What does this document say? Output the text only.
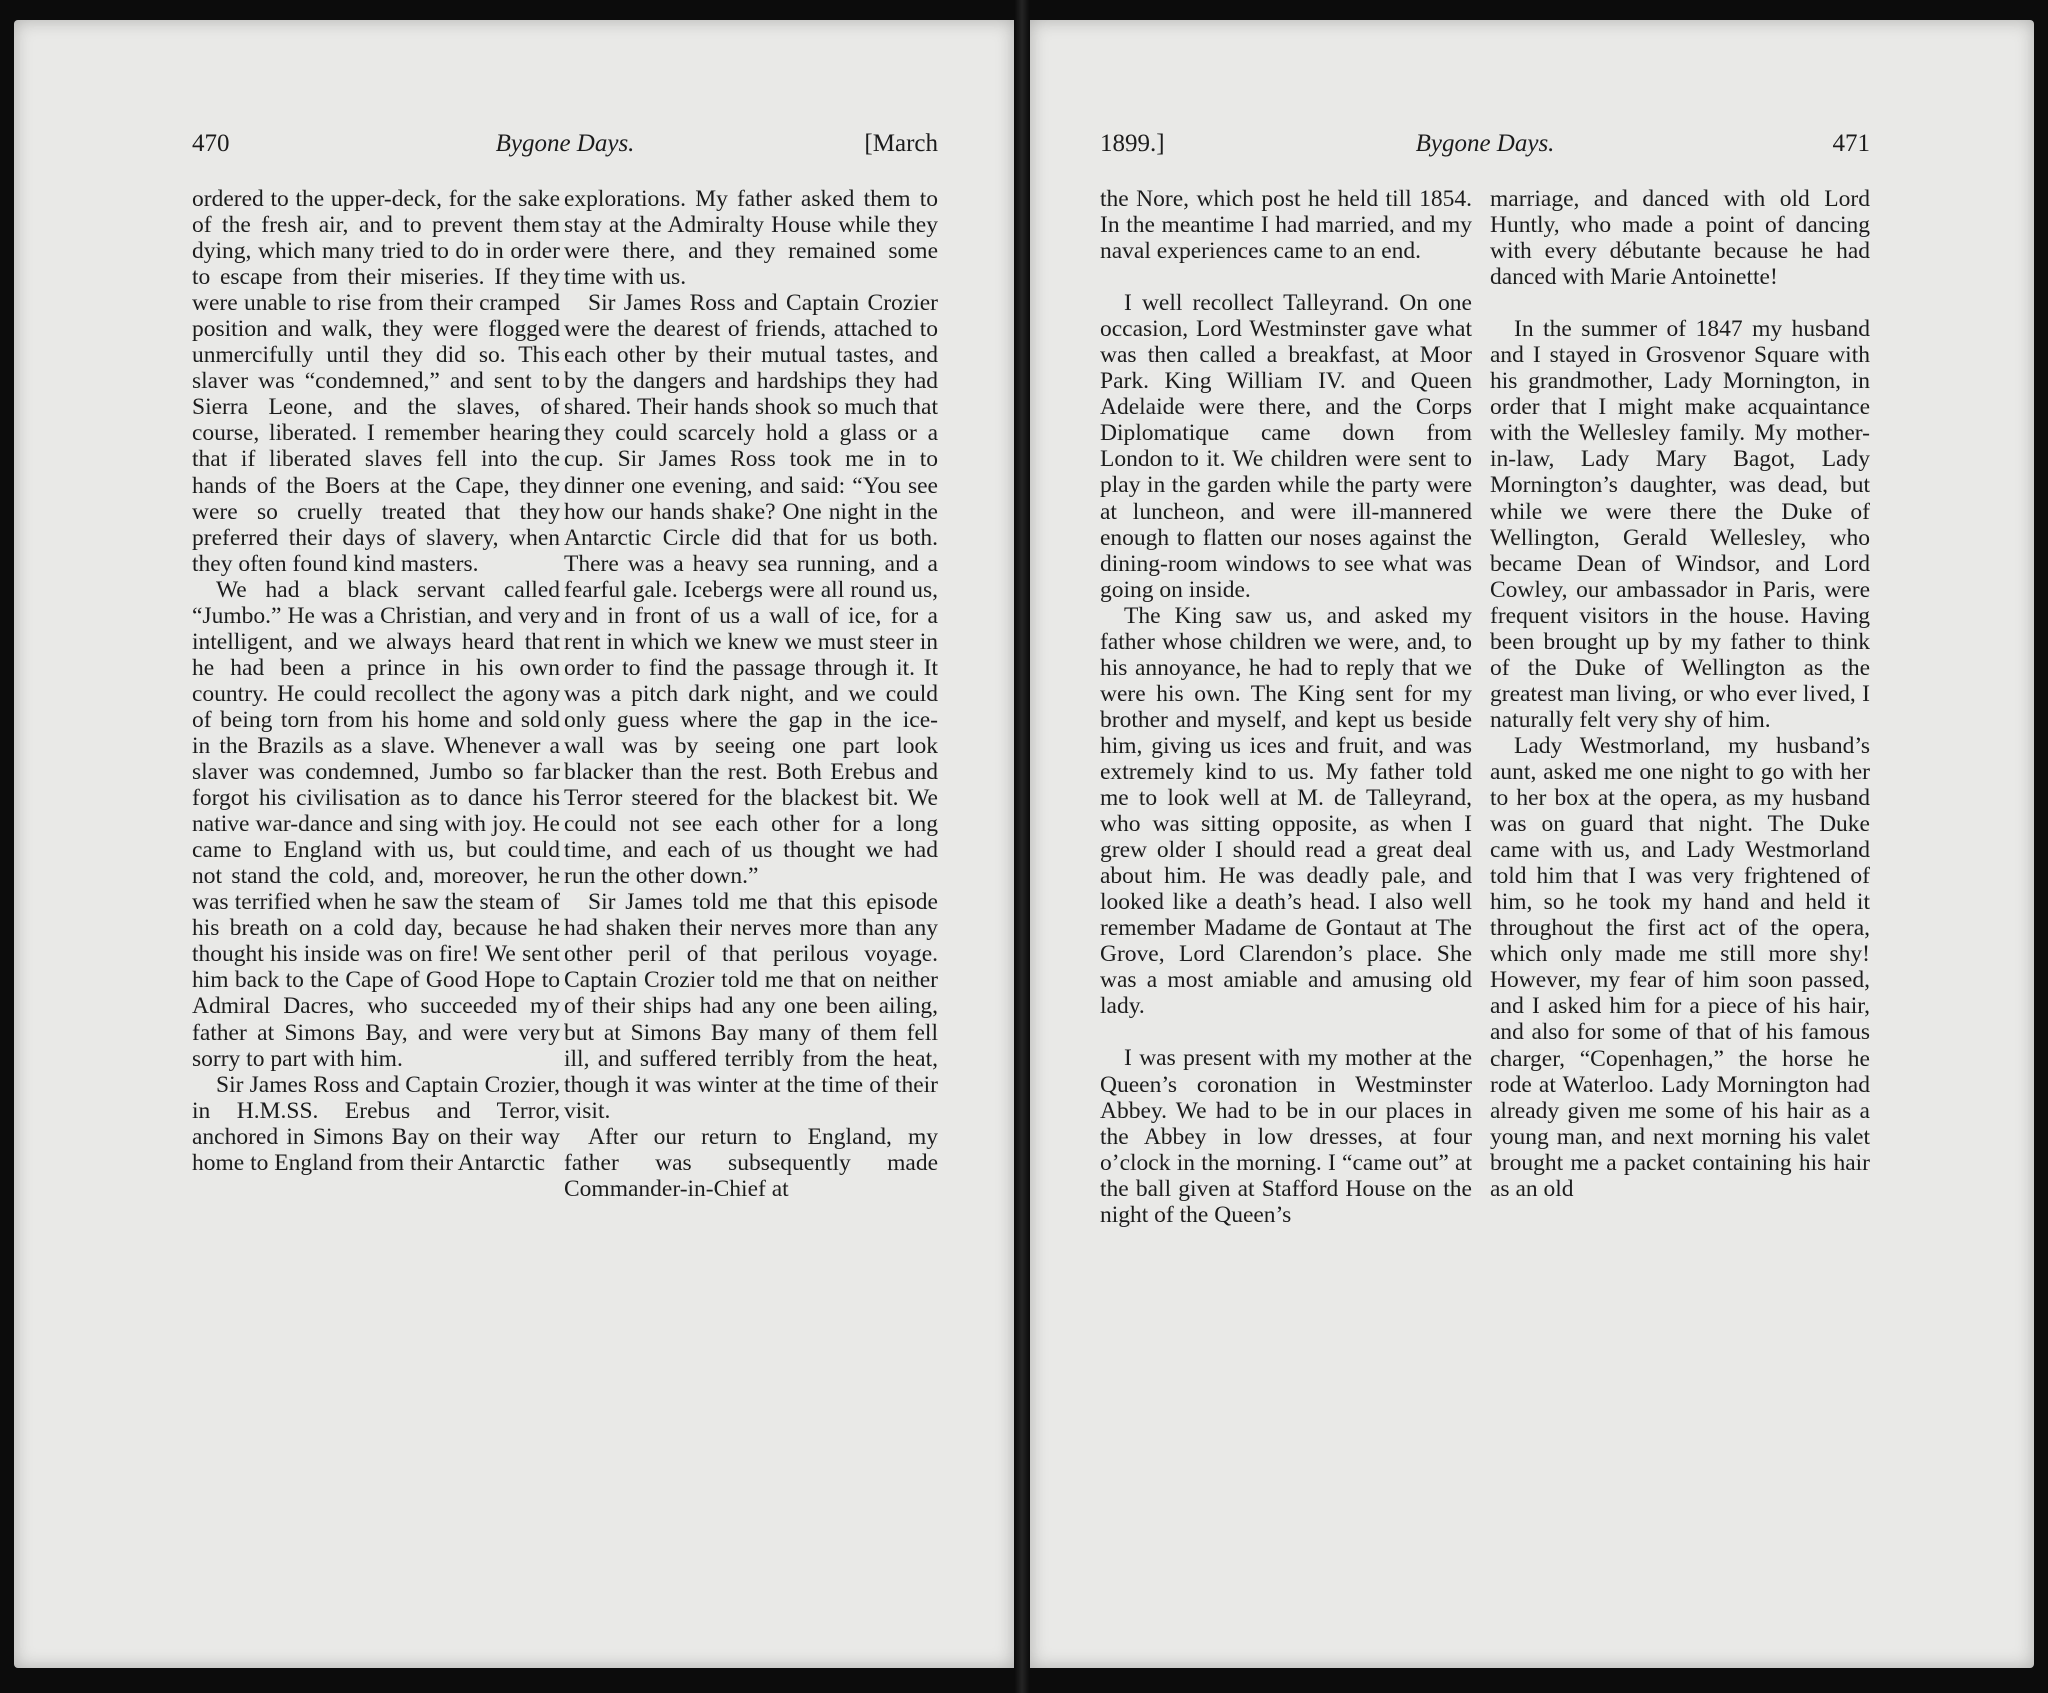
470	Bygone Days.	[March

ordered to the upper-deck, for the sake of the fresh air, and to prevent them dying, which many tried to do in order to escape from their miseries. If they were unable to rise from their cramped position and walk, they were flogged unmercifully until they did so. This slaver was “condemned,” and sent to Sierra Leone, and the slaves, of course, liberated. I remember hearing that if liberated slaves fell into the hands of the Boers at the Cape, they were so cruelly treated that they preferred their days of slavery, when they often found kind masters.

We had a black servant called “Jumbo.” He was a Christian, and very intelligent, and we always heard that he had been a prince in his own country. He could recollect the agony of being torn from his home and sold in the Brazils as a slave. Whenever a slaver was condemned, Jumbo so far forgot his civilisation as to dance his native war-dance and sing with joy. He came to England with us, but could not stand the cold, and, moreover, he was terrified when he saw the steam of his breath on a cold day, because he thought his inside was on fire! We sent him back to the Cape of Good Hope to Admiral Dacres, who succeeded my father at Simons Bay, and were very sorry to part with him.

Sir James Ross and Captain Crozier, in H.M.SS. Erebus and Terror, anchored in Simons Bay on their way home to England from their Antarctic

explorations. My father asked them to stay at the Admiralty House while they were there, and they remained some time with us.

Sir James Ross and Captain Crozier were the dearest of friends, attached to each other by their mutual tastes, and by the dangers and hardships they had shared. Their hands shook so much that they could scarcely hold a glass or a cup. Sir James Ross took me in to dinner one evening, and said: “You see how our hands shake? One night in the Antarctic Circle did that for us both. There was a heavy sea running, and a fearful gale. Icebergs were all round us, and in front of us a wall of ice, for a rent in which we knew we must steer in order to find the passage through it. It was a pitch dark night, and we could only guess where the gap in the ice-wall was by seeing one part look blacker than the rest. Both Erebus and Terror steered for the blackest bit. We could not see each other for a long time, and each of us thought we had run the other down.”

Sir James told me that this episode had shaken their nerves more than any other peril of that perilous voyage. Captain Crozier told me that on neither of their ships had any one been ailing, but at Simons Bay many of them fell ill, and suffered terribly from the heat, though it was winter at the time of their visit.

After our return to England, my father was subsequently made Commander-in-Chief at

1899.]	Bygone Days.	471

the Nore, which post he held till 1854. In the meantime I had married, and my naval experiences came to an end.

I well recollect Talleyrand. On one occasion, Lord Westminster gave what was then called a breakfast, at Moor Park. King William IV. and Queen Adelaide were there, and the Corps Diplomatique came down from London to it. We children were sent to play in the garden while the party were at luncheon, and were ill-mannered enough to flatten our noses against the dining-room windows to see what was going on inside.

The King saw us, and asked my father whose children we were, and, to his annoyance, he had to reply that we were his own. The King sent for my brother and myself, and kept us beside him, giving us ices and fruit, and was extremely kind to us. My father told me to look well at M. de Talleyrand, who was sitting opposite, as when I grew older I should read a great deal about him. He was deadly pale, and looked like a death’s head. I also well remember Madame de Gontaut at The Grove, Lord Clarendon’s place. She was a most amiable and amusing old lady.

I was present with my mother at the Queen’s coronation in Westminster Abbey. We had to be in our places in the Abbey in low dresses, at four o’clock in the morning. I “came out” at the ball given at Stafford House on the night of the Queen’s

marriage, and danced with old Lord Huntly, who made a point of dancing with every débutante because he had danced with Marie Antoinette!

In the summer of 1847 my husband and I stayed in Grosvenor Square with his grandmother, Lady Mornington, in order that I might make acquaintance with the Wellesley family. My mother-in-law, Lady Mary Bagot, Lady Mornington’s daughter, was dead, but while we were there the Duke of Wellington, Gerald Wellesley, who became Dean of Windsor, and Lord Cowley, our ambassador in Paris, were frequent visitors in the house. Having been brought up by my father to think of the Duke of Wellington as the greatest man living, or who ever lived, I naturally felt very shy of him.

Lady Westmorland, my husband’s aunt, asked me one night to go with her to her box at the opera, as my husband was on guard that night. The Duke came with us, and Lady Westmorland told him that I was very frightened of him, so he took my hand and held it throughout the first act of the opera, which only made me still more shy! However, my fear of him soon passed, and I asked him for a piece of his hair, and also for some of that of his famous charger, “Copenhagen,” the horse he rode at Waterloo. Lady Mornington had already given me some of his hair as a young man, and next morning his valet brought me a packet containing his hair as an old
